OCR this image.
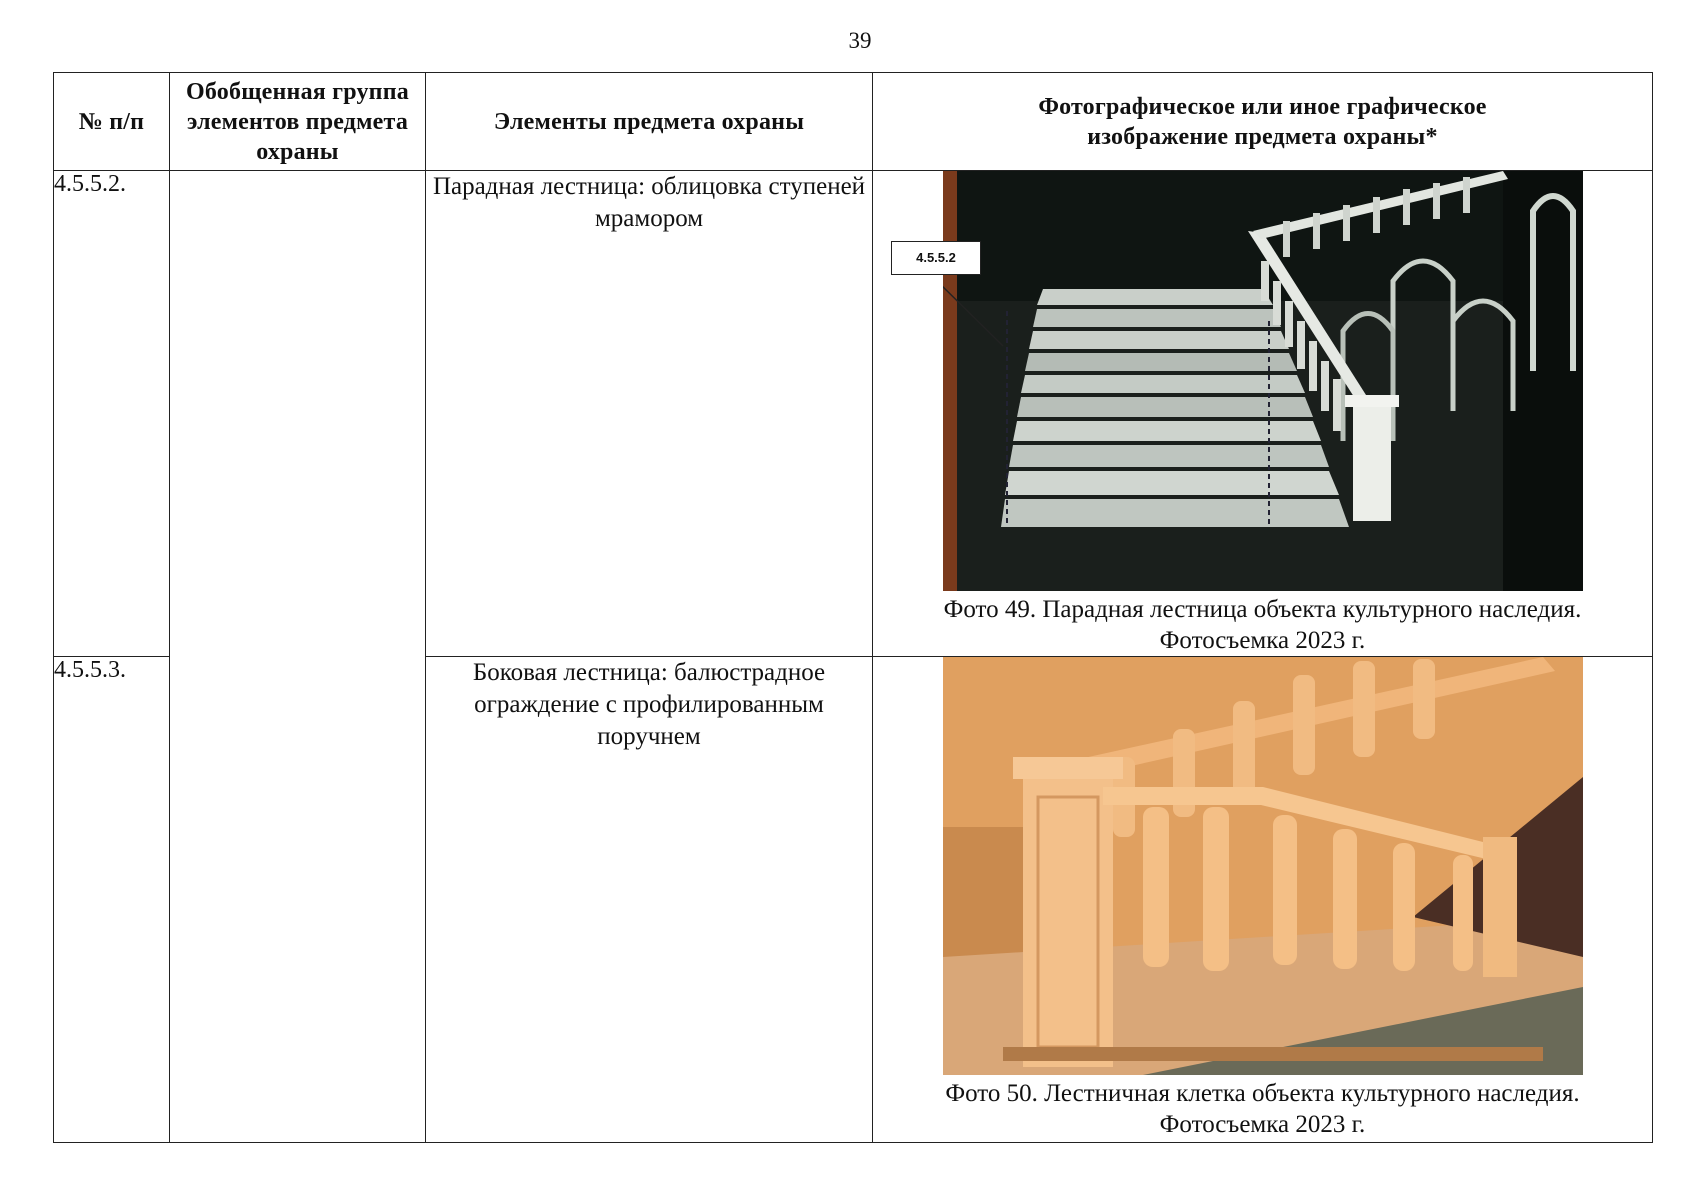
39
№ п/п	Обобщенная группа элементов предмета охраны	Элементы предмета охраны	Фотографическое или иное графическое изображение предмета охраны*
4.5.5.2.		Парадная лестница: облицовка ступеней мрамором	4.5.5.2
Фото 49. Парадная лестница объекта культурного наследия.
Фотосъемка 2023 г.

4.5.5.3.		Боковая лестница: балюстрадное ограждение с профилированным поручнем	Фото 50. Лестничная клетка объекта культурного наследия.
Фотосъемка 2023 г.
